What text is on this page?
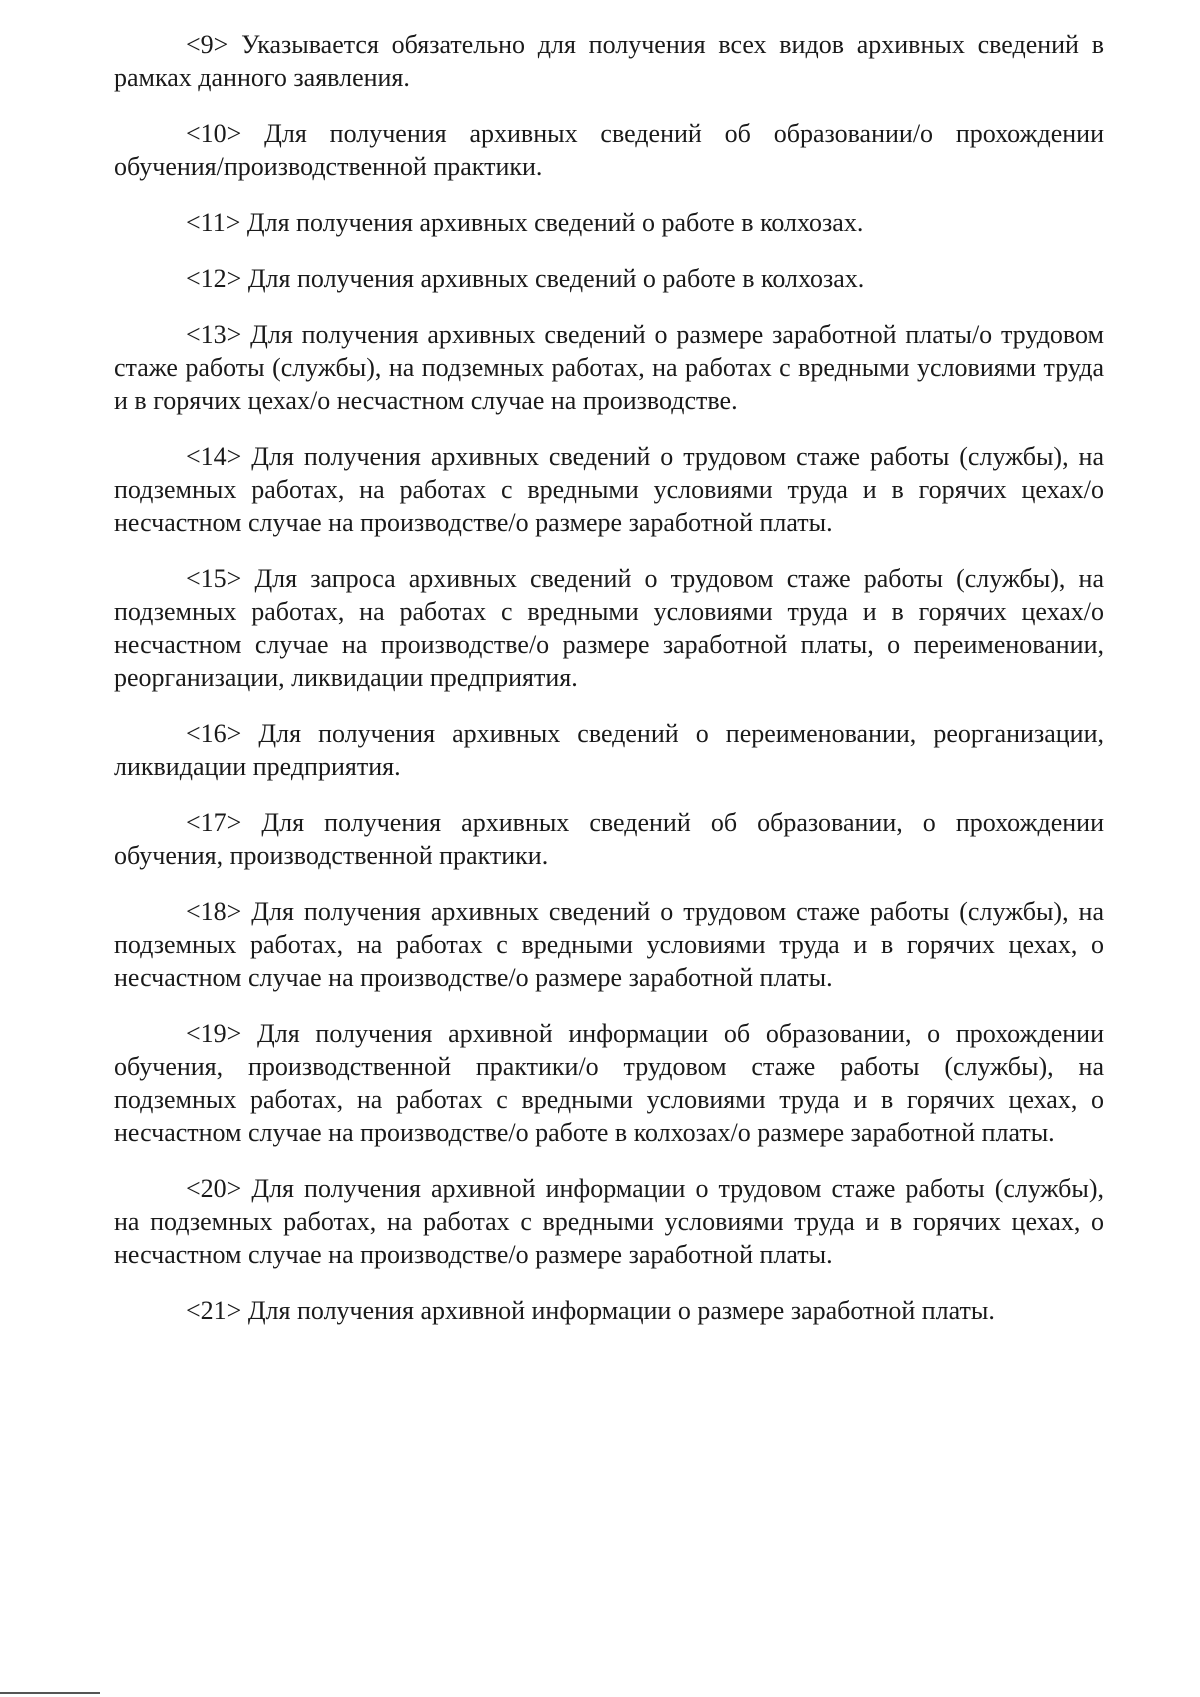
<9> Указывается обязательно для получения всех видов архивных сведений в рамках данного заявления.

<10> Для получения архивных сведений об образовании/о прохождении обучения/производственной практики.

<11> Для получения архивных сведений о работе в колхозах.

<12> Для получения архивных сведений о работе в колхозах.

<13> Для получения архивных сведений о размере заработной платы/о трудовом стаже работы (службы), на подземных работах, на работах с вредными условиями труда и в горячих цехах/о несчастном случае на производстве.

<14> Для получения архивных сведений о трудовом стаже работы (службы), на подземных работах, на работах с вредными условиями труда и в горячих цехах/о несчастном случае на производстве/о размере заработной платы.

<15> Для запроса архивных сведений о трудовом стаже работы (службы), на подземных работах, на работах с вредными условиями труда и в горячих цехах/о несчастном случае на производстве/о размере заработной платы, о переименовании, реорганизации, ликвидации предприятия.

<16> Для получения архивных сведений о переименовании, реорганизации, ликвидации предприятия.

<17> Для получения архивных сведений об образовании, о прохождении обучения, производственной практики.

<18> Для получения архивных сведений о трудовом стаже работы (службы), на подземных работах, на работах с вредными условиями труда и в горячих цехах, о несчастном случае на производстве/о размере заработной платы.

<19> Для получения архивной информации об образовании, о прохождении обучения, производственной практики/о трудовом стаже работы (службы), на подземных работах, на работах с вредными условиями труда и в горячих цехах, о несчастном случае на производстве/о работе в колхозах/о размере заработной платы.

<20> Для получения архивной информации о трудовом стаже работы (службы), на подземных работах, на работах с вредными условиями труда и в горячих цехах, о несчастном случае на производстве/о размере заработной платы.

<21> Для получения архивной информации о размере заработной платы.
